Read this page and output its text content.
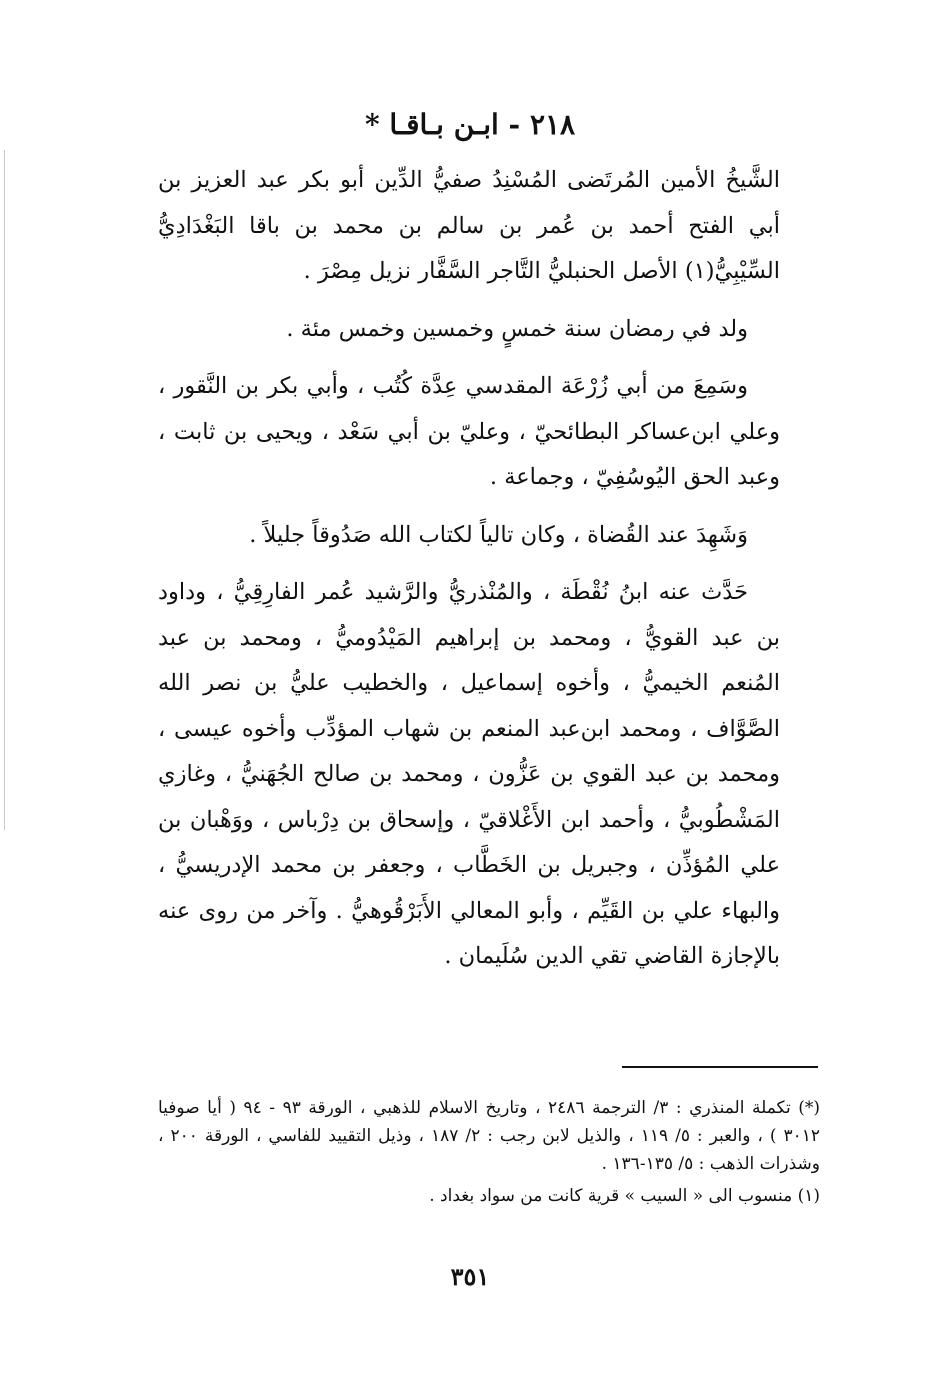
٢١٨ - ابـن بـاقـا *

الشَّيخُ الأمين المُرتَضى المُسْنِدُ صفيُّ الدِّين أبو بكر عبد العزيز بن أبي الفتح أحمد بن عُمر بن سالم بن محمد بن باقا البَغْدَادِيُّ السِّيْبِيُّ(١) الأصل الحنبليُّ التَّاجر السَّفَّار نزيل مِصْرَ .

ولد في رمضان سنة خمسٍ وخمسين وخمس مئة .

وسَمِعَ من أبي زُرْعَة المقدسي عِدَّة كُتُب ، وأبي بكر بن النَّقور ، وعلي ابن‌عساكر البطائحيّ ، وعليّ بن أبي سَعْد ، ويحيى بن ثابت ، وعبد الحق اليُوسُفِيّ ، وجماعة .

وَشَهِدَ عند القُضاة ، وكان تالياً لكتاب الله صَدُوقاً جليلاً .

حَدَّث عنه ابنُ نُقْطَة ، والمُنْذريُّ والرَّشيد عُمر الفارِقِيُّ ، وداود بن عبد القويُّ ، ومحمد بن إبراهيم المَيْدُوميُّ ، ومحمد بن عبد المُنعم الخيميُّ ، وأخوه إسماعيل ، والخطيب عليُّ بن نصر الله الصَّوَّاف ، ومحمد ابن‌عبد المنعم بن شهاب المؤدِّب وأخوه عيسى ، ومحمد بن عبد القوي بن عَزُّون ، ومحمد بن صالح الجُهَنيُّ ، وغازي المَشْطُوبيُّ ، وأحمد ابن الأَغْلاقيّ ، وإسحاق بن دِرْباس ، ووَهْبان بن علي المُؤذِّن ، وجبريل بن الخَطَّاب ، وجعفر بن محمد الإدريسيُّ ، والبهاء علي بن القَيِّم ، وأبو المعالي الأَبَرْقُوهيُّ . وآخر من روى عنه بالإجازة القاضي تقي الدين سُلَيمان .

(*) تكملة المنذري : ٣/ الترجمة ٢٤٨٦ ، وتاريخ الاسلام للذهبي ، الورقة ٩٣ - ٩٤ ( أيا صوفيا ٣٠١٢ ) ، والعبر : ٥/ ١١٩ ، والذيل لابن رجب : ٢/ ١٨٧ ، وذيل التقييد للفاسي ، الورقة ٢٠٠ ، وشذرات الذهب : ٥/ ١٣٥-١٣٦ .

(١) منسوب الى « السيب » قرية كانت من سواد بغداد .

٣٥١
